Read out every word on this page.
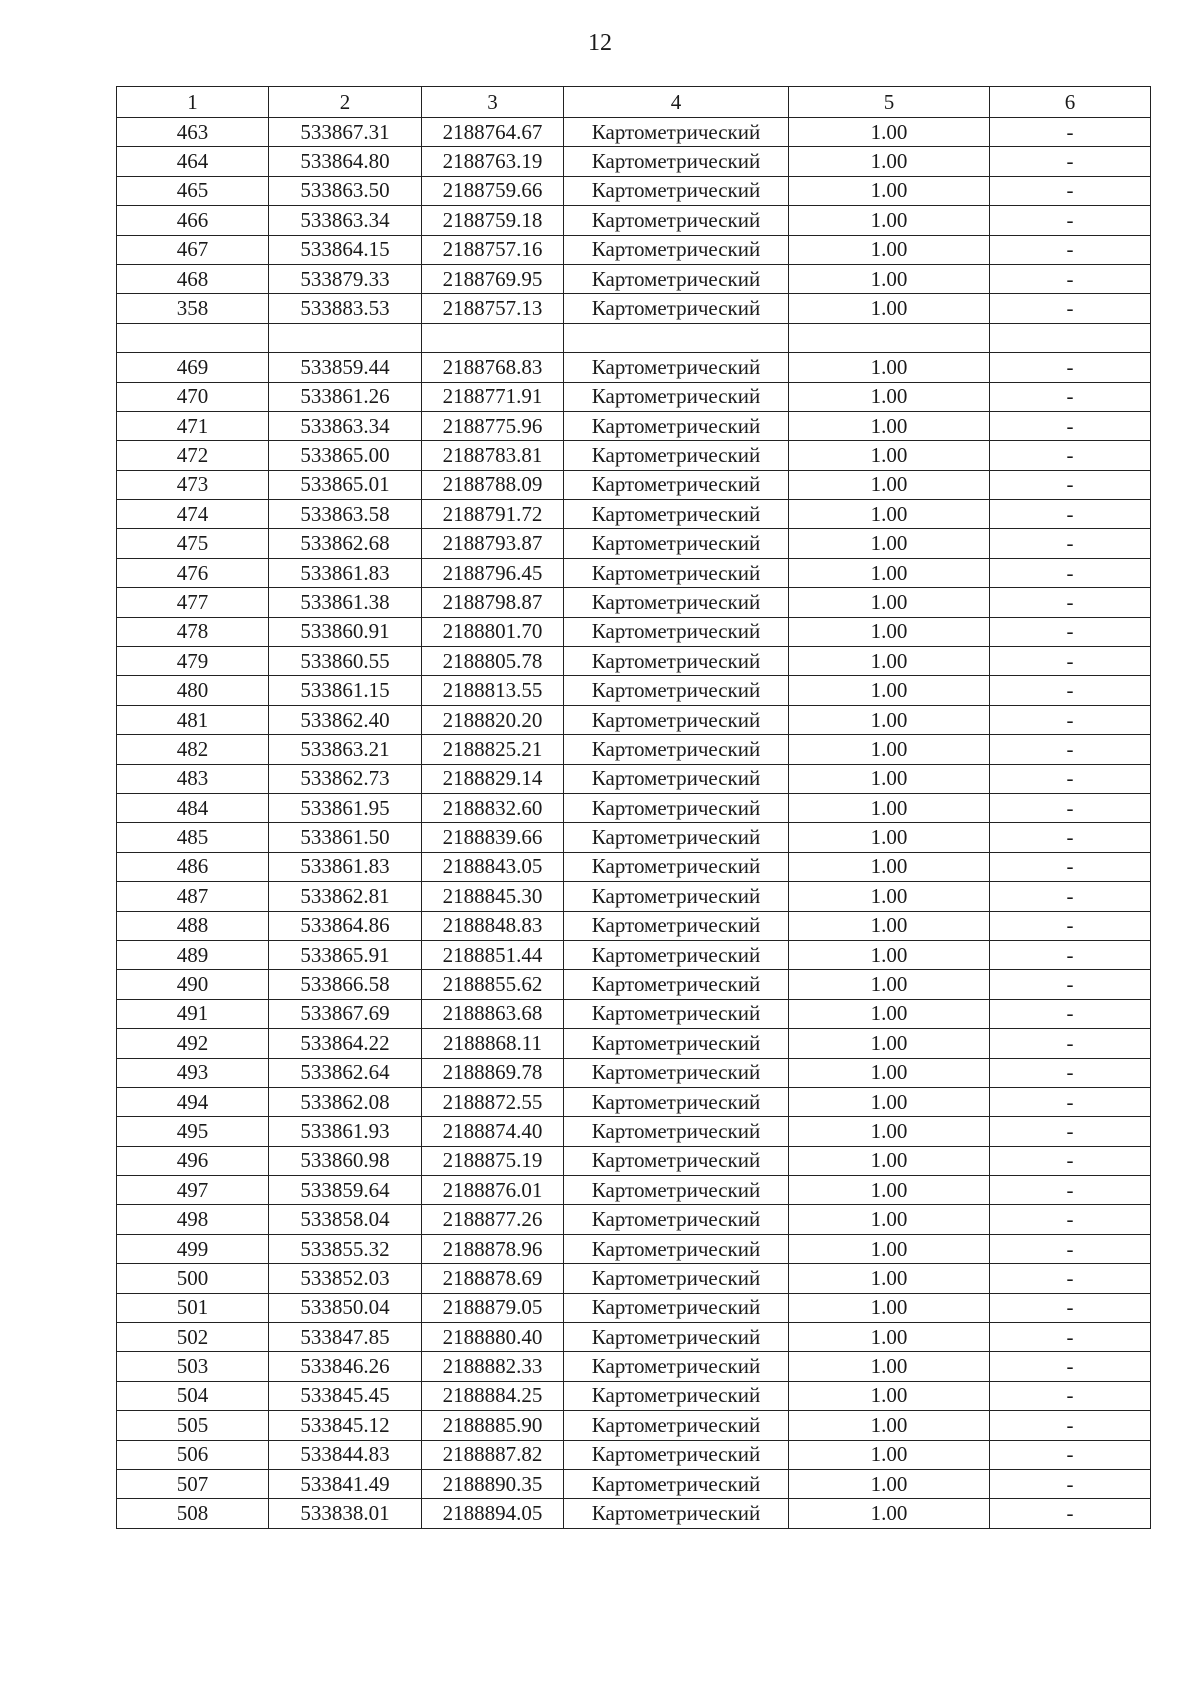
12
1	2	3	4	5	6
463	533867.31	2188764.67	Картометрический	1.00	-
464	533864.80	2188763.19	Картометрический	1.00	-
465	533863.50	2188759.66	Картометрический	1.00	-
466	533863.34	2188759.18	Картометрический	1.00	-
467	533864.15	2188757.16	Картометрический	1.00	-
468	533879.33	2188769.95	Картометрический	1.00	-
358	533883.53	2188757.13	Картометрический	1.00	-

469	533859.44	2188768.83	Картометрический	1.00	-
470	533861.26	2188771.91	Картометрический	1.00	-
471	533863.34	2188775.96	Картометрический	1.00	-
472	533865.00	2188783.81	Картометрический	1.00	-
473	533865.01	2188788.09	Картометрический	1.00	-
474	533863.58	2188791.72	Картометрический	1.00	-
475	533862.68	2188793.87	Картометрический	1.00	-
476	533861.83	2188796.45	Картометрический	1.00	-
477	533861.38	2188798.87	Картометрический	1.00	-
478	533860.91	2188801.70	Картометрический	1.00	-
479	533860.55	2188805.78	Картометрический	1.00	-
480	533861.15	2188813.55	Картометрический	1.00	-
481	533862.40	2188820.20	Картометрический	1.00	-
482	533863.21	2188825.21	Картометрический	1.00	-
483	533862.73	2188829.14	Картометрический	1.00	-
484	533861.95	2188832.60	Картометрический	1.00	-
485	533861.50	2188839.66	Картометрический	1.00	-
486	533861.83	2188843.05	Картометрический	1.00	-
487	533862.81	2188845.30	Картометрический	1.00	-
488	533864.86	2188848.83	Картометрический	1.00	-
489	533865.91	2188851.44	Картометрический	1.00	-
490	533866.58	2188855.62	Картометрический	1.00	-
491	533867.69	2188863.68	Картометрический	1.00	-
492	533864.22	2188868.11	Картометрический	1.00	-
493	533862.64	2188869.78	Картометрический	1.00	-
494	533862.08	2188872.55	Картометрический	1.00	-
495	533861.93	2188874.40	Картометрический	1.00	-
496	533860.98	2188875.19	Картометрический	1.00	-
497	533859.64	2188876.01	Картометрический	1.00	-
498	533858.04	2188877.26	Картометрический	1.00	-
499	533855.32	2188878.96	Картометрический	1.00	-
500	533852.03	2188878.69	Картометрический	1.00	-
501	533850.04	2188879.05	Картометрический	1.00	-
502	533847.85	2188880.40	Картометрический	1.00	-
503	533846.26	2188882.33	Картометрический	1.00	-
504	533845.45	2188884.25	Картометрический	1.00	-
505	533845.12	2188885.90	Картометрический	1.00	-
506	533844.83	2188887.82	Картометрический	1.00	-
507	533841.49	2188890.35	Картометрический	1.00	-
508	533838.01	2188894.05	Картометрический	1.00	-
